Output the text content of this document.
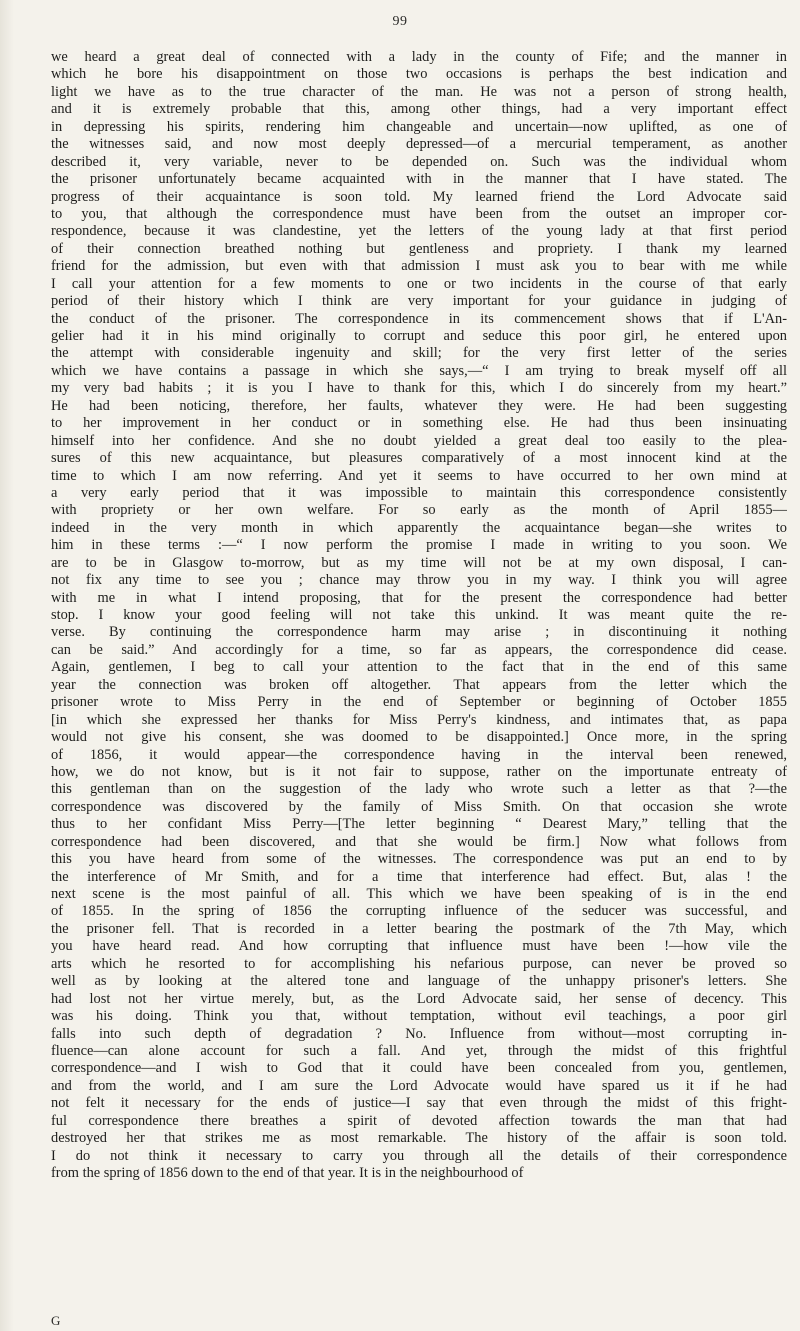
99
we heard a great deal of connected with a lady in the county of Fife; and the manner in
which he bore his disappointment on those two occasions is perhaps the best indication and
light we have as to the true character of the man. He was not a person of strong health,
and it is extremely probable that this, among other things, had a very important effect
in depressing his spirits, rendering him changeable and uncertain—now uplifted, as one of
the witnesses said, and now most deeply depressed—of a mercurial temperament, as another
described it, very variable, never to be depended on. Such was the individual whom
the prisoner unfortunately became acquainted with in the manner that I have stated. The
progress of their acquaintance is soon told. My learned friend the Lord Advocate said
to you, that although the correspondence must have been from the outset an improper cor-
respondence, because it was clandestine, yet the letters of the young lady at that first period
of their connection breathed nothing but gentleness and propriety. I thank my learned
friend for the admission, but even with that admission I must ask you to bear with me while
I call your attention for a few moments to one or two incidents in the course of that early
period of their history which I think are very important for your guidance in judging of
the conduct of the prisoner. The correspondence in its commencement shows that if L'An-
gelier had it in his mind originally to corrupt and seduce this poor girl, he entered upon
the attempt with considerable ingenuity and skill; for the very first letter of the series
which we have contains a passage in which she says,—“ I am trying to break myself off all
my very bad habits ; it is you I have to thank for this, which I do sincerely from my heart.”
He had been noticing, therefore, her faults, whatever they were. He had been suggesting
to her improvement in her conduct or in something else. He had thus been insinuating
himself into her confidence. And she no doubt yielded a great deal too easily to the plea-
sures of this new acquaintance, but pleasures comparatively of a most innocent kind at the
time to which I am now referring. And yet it seems to have occurred to her own mind at
a very early period that it was impossible to maintain this correspondence consistently
with propriety or her own welfare. For so early as the month of April 1855—
indeed in the very month in which apparently the acquaintance began—she writes to
him in these terms :—“ I now perform the promise I made in writing to you soon. We
are to be in Glasgow to-morrow, but as my time will not be at my own disposal, I can-
not fix any time to see you ; chance may throw you in my way. I think you will agree
with me in what I intend proposing, that for the present the correspondence had better
stop. I know your good feeling will not take this unkind. It was meant quite the re-
verse. By continuing the correspondence harm may arise ; in discontinuing it nothing
can be said.” And accordingly for a time, so far as appears, the correspondence did cease.
Again, gentlemen, I beg to call your attention to the fact that in the end of this same
year the connection was broken off altogether. That appears from the letter which the
prisoner wrote to Miss Perry in the end of September or beginning of October 1855
[in which she expressed her thanks for Miss Perry's kindness, and intimates that, as papa
would not give his consent, she was doomed to be disappointed.] Once more, in the spring
of 1856, it would appear—the correspondence having in the interval been renewed,
how, we do not know, but is it not fair to suppose, rather on the importunate entreaty of
this gentleman than on the suggestion of the lady who wrote such a letter as that ?—the
correspondence was discovered by the family of Miss Smith. On that occasion she wrote
thus to her confidant Miss Perry—[The letter beginning “ Dearest Mary,” telling that the
correspondence had been discovered, and that she would be firm.] Now what follows from
this you have heard from some of the witnesses. The correspondence was put an end to by
the interference of Mr Smith, and for a time that interference had effect. But, alas ! the
next scene is the most painful of all. This which we have been speaking of is in the end
of 1855. In the spring of 1856 the corrupting influence of the seducer was successful, and
the prisoner fell. That is recorded in a letter bearing the postmark of the 7th May, which
you have heard read. And how corrupting that influence must have been !—how vile the
arts which he resorted to for accomplishing his nefarious purpose, can never be proved so
well as by looking at the altered tone and language of the unhappy prisoner's letters. She
had lost not her virtue merely, but, as the Lord Advocate said, her sense of decency. This
was his doing. Think you that, without temptation, without evil teachings, a poor girl
falls into such depth of degradation ? No. Influence from without—most corrupting in-
fluence—can alone account for such a fall. And yet, through the midst of this frightful
correspondence—and I wish to God that it could have been concealed from you, gentlemen,
and from the world, and I am sure the Lord Advocate would have spared us it if he had
not felt it necessary for the ends of justice—I say that even through the midst of this fright-
ful correspondence there breathes a spirit of devoted affection towards the man that had
destroyed her that strikes me as most remarkable. The history of the affair is soon told.
I do not think it necessary to carry you through all the details of their correspondence
from the spring of 1856 down to the end of that year. It is in the neighbourhood of
G
